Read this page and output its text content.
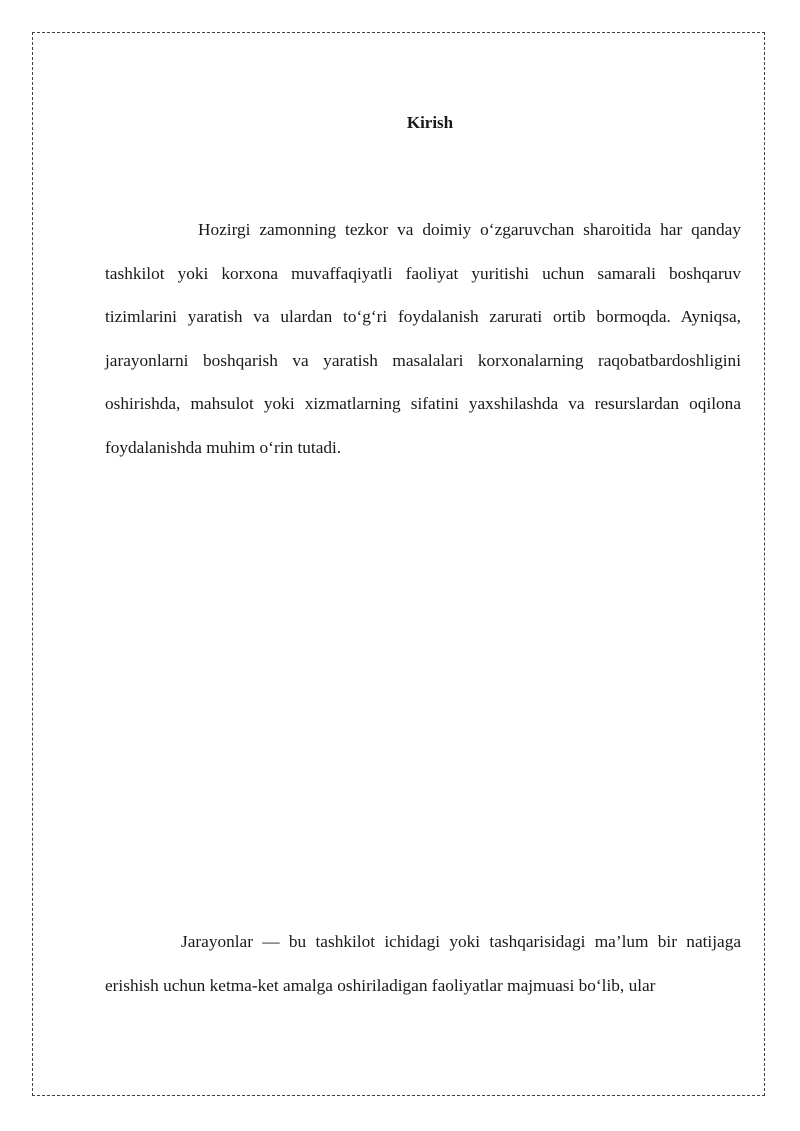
Kirish

Hozirgi zamonning tezkor va doimiy o‘zgaruvchan sharoitida har qanday tashkilot yoki korxona muvaffaqiyatli faoliyat yuritishi uchun samarali boshqaruv tizimlarini yaratish va ulardan to‘g‘ri foydalanish zarurati ortib bormoqda. Ayniqsa, jarayonlarni boshqarish va yaratish masalalari korxonalarning raqobatbardoshligini oshirishda, mahsulot yoki xizmatlarning sifatini yaxshilashda va resurslardan oqilona foydalanishda muhim o‘rin tutadi.

Jarayonlar — bu tashkilot ichidagi yoki tashqarisidagi ma’lum bir natijaga erishish uchun ketma-ket amalga oshiriladigan faoliyatlar majmuasi bo‘lib, ular
